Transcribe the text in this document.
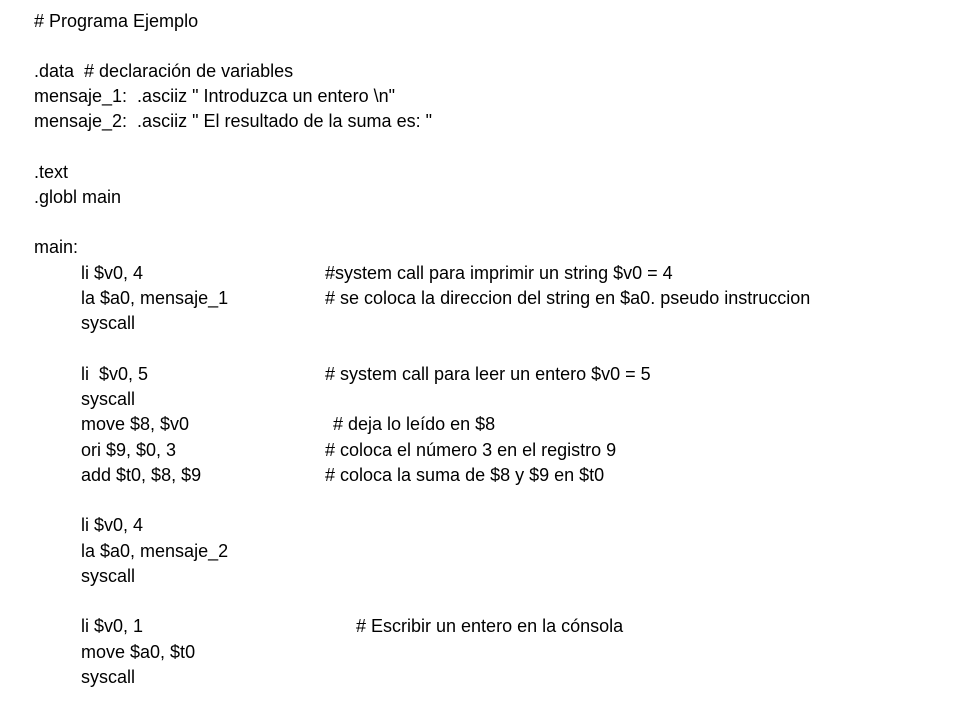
# Programa Ejemplo
.data  # declaración de variables
mensaje_1:  .asciiz " Introduzca un entero \n"
mensaje_2:  .asciiz " El resultado de la suma es: "
.text
.globl main
main:
li $v0, 4	#system call para imprimir un string $v0 = 4
la $a0, mensaje_1	# se coloca la direccion del string en $a0. pseudo instruccion
syscall
li  $v0, 5	# system call para leer un entero $v0 = 5
syscall
move $8, $v0	# deja lo leído en $8
ori $9, $0, 3	# coloca el número 3 en el registro 9
add $t0, $8, $9	# coloca la suma de $8 y $9 en $t0
li $v0, 4
la $a0, mensaje_2
syscall
li $v0, 1	# Escribir un entero en la cónsola
move $a0, $t0
syscall
